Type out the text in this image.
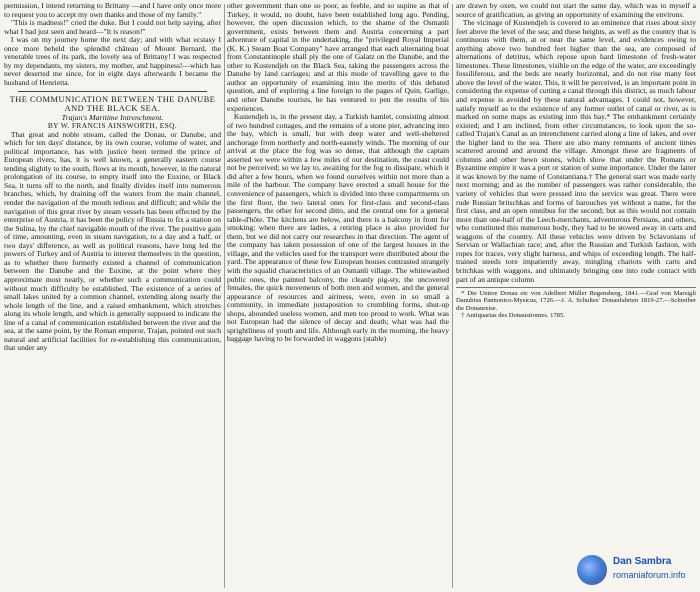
permission, I intend returning to Brittany —and I have only once more to request you to accept my own thanks and those of my family."

"This is madness!" cried the duke. But I could not help saying, after what I had just seen and heard—"It is reason!"

I was on my journey home the next day; and with what ecstasy I once more beheld the splendid château of Mount Bernard, the venerable trees of its park, the lovely sea of Brittany! I was respected by my dependants, my sisters, my mother, and happiness!—which has never deserted me since, for in eight days afterwards I became the husband of Henrietta.

THE COMMUNICATION BETWEEN THE DANUBE AND THE BLACK SEA.

Trajan's Maritime Intrenchment.

BY W. FRANCIS AINSWORTH, ESQ.

That great and noble stream, called the Donau, or Danube, and which for ten days' distance, by its own course, volume of water, and political importance, has with justice been termed the prince of European rivers, has, it is well known, a generally eastern course tending slightly to the south, flows at its mouth, however, in the natural prolongation of its course, to empty itself into the Euxine, or Black Sea, it turns off to the north, and finally divides itself into numerous branches, which, by draining off the waters from the main channel, render the navigation of the mouth tedious and difficult; and while the navigation of this great river by steam vessels has been effected by the enterprise of Austria, it has been the policy of Russia to fix a station on the Sulina, by the chief navigable mouth of the river. The positive gain of time, amounting, even in steam navigation, to a day and a half, or two days' difference, as well as political reasons, have long led the powers of Turkey and of Austria to interest themselves in the question, as to whether there formerly existed a channel of communication between the Danube and the Euxine, at the point where they approximate most nearly, or whether such a communication could without much difficulty be established. The existence of a series of small lakes united by a common channel, extending along nearly the whole length of the line, and a raised embankment, which stretches along its whole length, and which is generally supposed to indicate the line of a canal of communication established between the river and the sea, at the same point, by the Roman emperor, Trajan, pointed out such natural and artificial facilities for re-establishing this communication, that under any

other government than one so poor, as feeble, and so supine as that of Turkey, it would, no doubt, have been established long ago. Pending, however, the open discussion which, to the shame of the Osmanli government, exists between them and Austria concerning a part adventure of capital in the undertaking, the "privileged Royal Imperial (K. K.) Steam Boat Company" have arranged that each alternating boat from Constantinople shall ply the one of Galatz on the Danube, and the other to Kustendjeh on the Black Sea, taking the passengers across the Danube by land carriages; and at this mode of travelling gave to the author an opportunity of examining into the merits of this debated question, and of exploring a line foreign to the pages of Quin, Garlige, and other Danube tourists, he has ventured to pen the results of his experiences.

Kustendjeh is, in the present day, a Turkish hamlet, consisting almost of two hundred cottages, and the remains of a stone pier, advancing into the bay, which is small, but with deep water and well-sheltered anchorage from northerly and north-easterly winds. The morning of our arrival at the place the fog was so dense, that although the captain asserted we were within a few miles of our destination, the coast could not be perceived; so we lay to, awaiting for the fog to dissipate, which it did after a few hours, when we found ourselves within not more than a mile of the harbour. The company have erected a small house for the convenience of passengers, which is divided into three compartments on the first floor, the two lateral ones for first-class and second-class passengers, the other for second ditto, and the central one for a general table-d'hôte. The kitchens are below, and there is a balcony in front for smoking; when there are ladies, a retiring place is also provided for them, but we did not carry our researches in that direction. The agent of the company has taken possession of one of the largest houses in the village, and the vehicles used for the transport were distributed about the yard. The appearance of these few European houses contrasted strangely with the squalid characteristics of an Osmanli village. The whitewashed public ones, the painted balcony, the cleanly pig-sty, the uncovered females, the quick movements of both men and women, and the general appearance of resources and airiness, were, even in so small a community, in immediate juxtaposition to crumbling forms, shut-up shops, abounded useless women, and men too proud to work. What was not European had the silence of decay and death; what was had the sprightliness of youth and life. Although early in the morning, the heavy baggage having to be forwarded in waggons (stable)

are drawn by oxen, we could not start the same day, which was to myself a source of gratification, as giving an opportunity of examining the environs.

The vicinage of Kustendjeh is covered to an eminence that rises about sixty feet above the level of the sea; and these heights, as well as the country that is continuous with them, at or near the same level, and evidences owing to anything above two hundred feet higher than the sea, are composed of alternations of detritus, which repose upon hard limestone of fresh-water limestones. These limestones, visible on the edge of the water, are exceedingly fossiliferous, and the beds are nearly horizontal, and do not rise many feet above the level of the water. This, it will be perceived, is an important point in considering the expense of cutting a canal through this district, as much labour and expense is avoided by these natural advantages. I could not, however, satisfy myself as to the existence of any former outlet of canal or river, as is marked on some maps as existing into this bay.* The embankment certainly existed; and I am inclined, from other circumstances, to look upon the so-called Trajan's Canal as an intrenchment carried along a line of lakes, and over the higher land to the sea. There are also many remnants of ancient times scattered around and around the village. Amongst these are fragments of columns and other hewn stones, which show that under the Romans or Byzantine empire it was a port or station of some importance. Under the latter it was known by the name of Constantiana.† The general start was made early next morning; and as the number of passengers was rather considerable, the variety of vehicles that were pressed into the service was great. There were rude Russian britschkas and forms of barouches yet without a name, for the first class, and an open omnibus for the second; but as this would not contain more than one-half of the Leech-merchants, adventurous Persians, and others, who constituted this numerous body, they had to be stowed away in carts and waggons of the country. All these vehicles were driven by Sclavonians of Servian or Wallachian race; and, after the Russian and Turkish fashion, with ropes for traces, very slight harness, and whips of exceeding length. The half-trained steeds tore impatiently away, mingling chariots with carts and britchkas with waggons, and ultimately bringing one into rude contact with part of an antique column

* Die Untere Donau etc von Adelbert Müller Regensberg, 1841.—Graf von Marsigli Danubius Pannonico-Mysicus, 1726.—J. A. Schultes' Donaufahrten 1819-27.—Schreiber die Donaureise.

† Antiquarias des Donaustromes. 1785.

Dan Sambra
romaniaforum.info
